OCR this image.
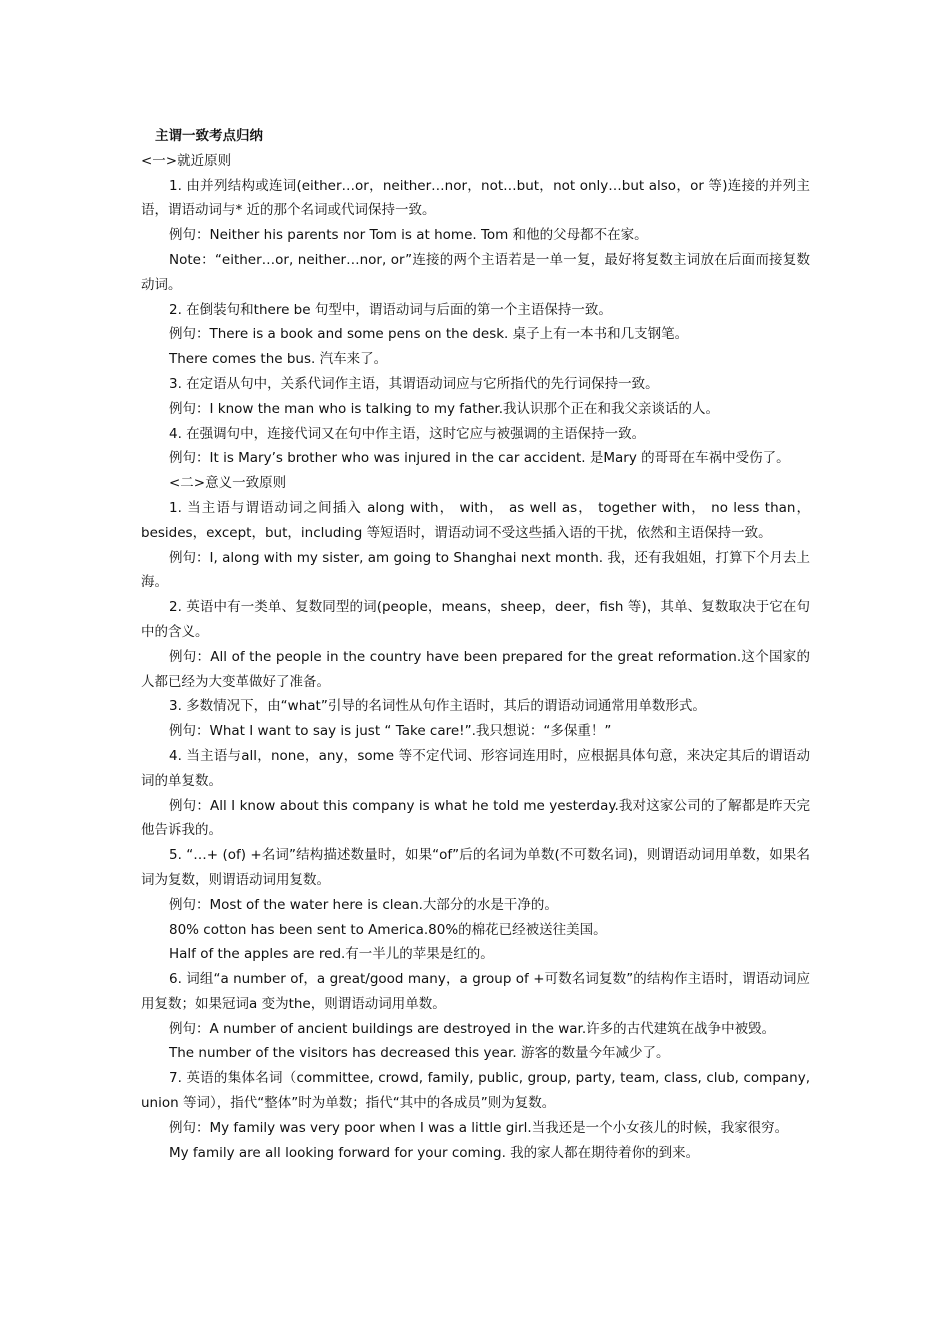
主谓一致考点归纳
<一>就近原则
1. 由并列结构或连词(either…or，neither…nor，not…but，not only…but also，or 等)连接的并列主语，谓语动词与* 近的那个名词或代词保持一致。
例句：Neither his parents nor Tom is at home. Tom 和他的父母都不在家。
Note：“either…or, neither…nor, or”连接的两个主语若是一单一复，最好将复数主词放在后面而接复数动词。
2. 在倒装句和there be 句型中，谓语动词与后面的第一个主语保持一致。
例句：There is a book and some pens on the desk. 桌子上有一本书和几支钢笔。
There comes the bus. 汽车来了。
3. 在定语从句中，关系代词作主语，其谓语动词应与它所指代的先行词保持一致。
例句：I know the man who is talking to my father.我认识那个正在和我父亲谈话的人。
4. 在强调句中，连接代词又在句中作主语，这时它应与被强调的主语保持一致。
例句：It is Mary’s brother who was injured in the car accident. 是Mary 的哥哥在车祸中受伤了。
<二>意义一致原则
1. 当主语与谓语动词之间插入 along with， with， as well as， together with， no less than，besides，except，but，including 等短语时，谓语动词不受这些插入语的干扰，依然和主语保持一致。
例句：I, along with my sister, am going to Shanghai next month. 我，还有我姐姐，打算下个月去上海。
2. 英语中有一类单、复数同型的词(people，means，sheep，deer，fish 等)，其单、复数取决于它在句中的含义。
例句：All of the people in the country have been prepared for the great reformation.这个国家的人都已经为大变革做好了准备。
3. 多数情况下，由“what”引导的名词性从句作主语时，其后的谓语动词通常用单数形式。
例句：What I want to say is just “ Take care!”.我只想说：“多保重！”
4. 当主语与all，none，any，some 等不定代词、形容词连用时，应根据具体句意，来决定其后的谓语动词的单复数。
例句：All I know about this company is what he told me yesterday.我对这家公司的了解都是昨天完他告诉我的。
5. “…+ (of) +名词”结构描述数量时，如果“of”后的名词为单数(不可数名词)，则谓语动词用单数，如果名词为复数，则谓语动词用复数。
例句：Most of the water here is clean.大部分的水是干净的。
80% cotton has been sent to America.80%的棉花已经被送往美国。
Half of the apples are red.有一半儿的苹果是红的。
6. 词组“a number of，a great/good many，a group of +可数名词复数”的结构作主语时，谓语动词应用复数；如果冠词a 变为the，则谓语动词用单数。
例句：A number of ancient buildings are destroyed in the war.许多的古代建筑在战争中被毁。
The number of the visitors has decreased this year. 游客的数量今年减少了。
7. 英语的集体名词（committee, crowd, family, public, group, party, team, class, club, company, union 等词），指代“整体”时为单数；指代“其中的各成员”则为复数。
例句：My family was very poor when I was a little girl.当我还是一个小女孩儿的时候，我家很穷。
My family are all looking forward for your coming. 我的家人都在期待着你的到来。
